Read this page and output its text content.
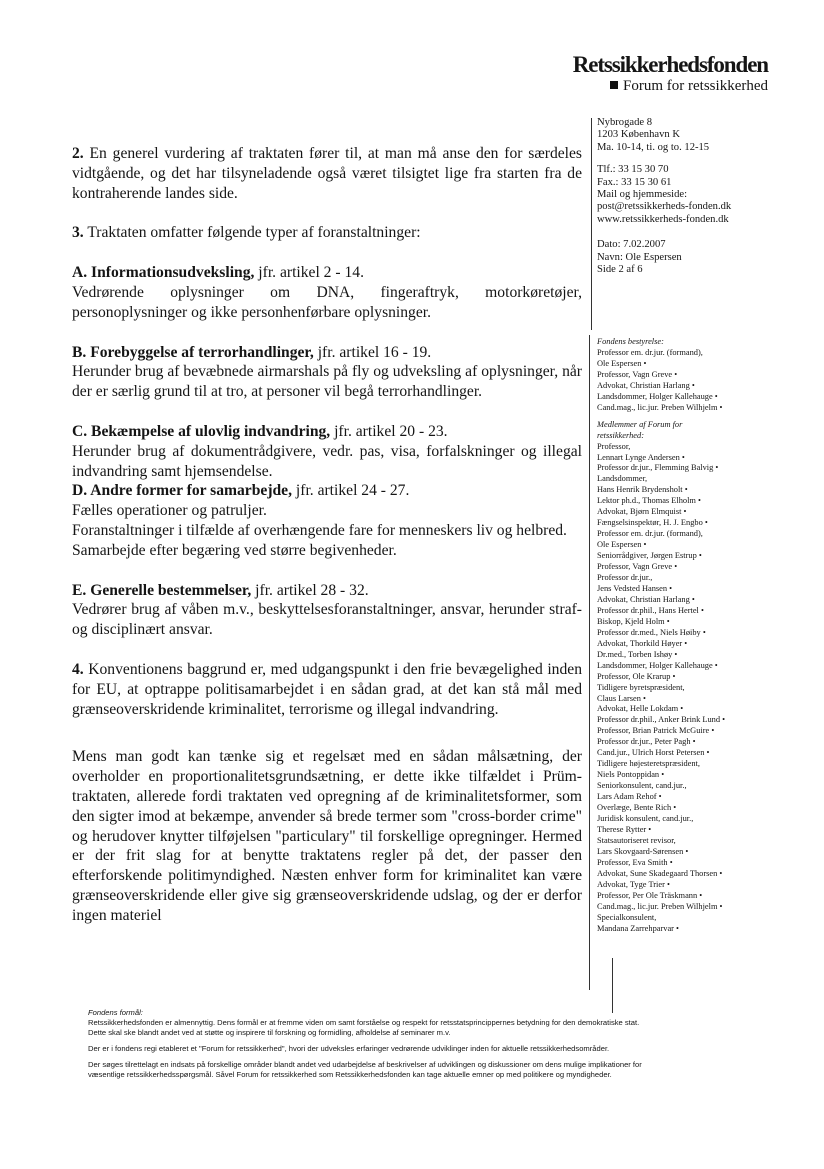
Retssikkerhedsfonden
Forum for retssikkerhed

2. En generel vurdering af traktaten fører til, at man må anse den for særdeles vidtgående, og det har tilsyneladende også været tilsigtet lige fra starten fra de kontraherende landes side.

3. Traktaten omfatter følgende typer af foranstaltninger:

A. Informationsudveksling, jfr. artikel 2 - 14.

Vedrørende oplysninger om DNA, fingeraftryk, motorkøretøjer, personoplysninger og ikke personhenførbare oplysninger.

B. Forebyggelse af terrorhandlinger, jfr. artikel 16 - 19.

Herunder brug af bevæbnede airmarshals på fly og udveksling af oplysninger, når der er særlig grund til at tro, at personer vil begå terrorhandlinger.

C. Bekæmpelse af ulovlig indvandring, jfr. artikel 20 - 23.

Herunder brug af dokumentrådgivere, vedr. pas, visa, forfalskninger og illegal indvandring samt hjemsendelse.

D. Andre former for samarbejde, jfr. artikel 24 - 27.

Fælles operationer og patruljer.

Foranstaltninger i tilfælde af overhængende fare for menneskers liv og helbred.

Samarbejde efter begæring ved større begivenheder.

E. Generelle bestemmelser, jfr. artikel 28 - 32.

Vedrører brug af våben m.v., beskyttelsesforanstaltninger, ansvar, herunder straf- og disciplinært ansvar.

4. Konventionens baggrund er, med udgangspunkt i den frie bevægelighed inden for EU, at optrappe politisamarbejdet i en sådan grad, at det kan stå mål med grænseoverskridende kriminalitet, terrorisme og illegal indvandring.

Mens man godt kan tænke sig et regelsæt med en sådan målsætning, der overholder en proportionalitetsgrundsætning, er dette ikke tilfældet i Prüm-traktaten, allerede fordi traktaten ved opregning af de kriminalitetsformer, som den sigter imod at bekæmpe, anvender så brede termer som "cross-border crime" og herudover knytter tilføjelsen "particulary" til forskellige opregninger. Hermed er der frit slag for at benytte traktatens regler på det, der passer den efterforskende politimyndighed. Næsten enhver form for kriminalitet kan være grænseoverskridende eller give sig grænseoverskridende udslag, og der er derfor ingen materiel

Nybrogade 8
1203 København K
Ma. 10-14, ti. og to. 12-15
Tlf.: 33 15 30 70
Fax.: 33 15 30 61
Mail og hjemmeside:
post@retssikkerheds-fonden.dk
www.retssikkerheds-fonden.dk
Dato: 7.02.2007
Navn: Ole Espersen
Side 2 af 6
Fondens bestyrelse:
Professor em. dr.jur. (formand),
Ole Espersen •
Professor, Vagn Greve •
Advokat, Christian Harlang •
Landsdommer, Holger Kallehauge •
Cand.mag., lic.jur. Preben Wilhjelm •
Medlemmer af Forum for
retssikkerhed:
Professor,
Lennart Lynge Andersen •
Professor dr.jur., Flemming Balvig •
Landsdommer,
Hans Henrik Brydensholt •
Lektor ph.d., Thomas Elholm •
Advokat, Bjørn Elmquist •
Fængselsinspektør, H. J. Engbo •
Professor em. dr.jur. (formand),
Ole Espersen •
Seniorrådgiver, Jørgen Estrup •
Professor, Vagn Greve •
Professor dr.jur.,
Jens Vedsted Hansen •
Advokat, Christian Harlang •
Professor dr.phil., Hans Hertel •
Biskop, Kjeld Holm •
Professor dr.med., Niels Høiby •
Advokat, Thorkild Høyer •
Dr.med., Torben Ishøy •
Landsdommer, Holger Kallehauge •
Professor, Ole Krarup •
Tidligere byretspræsident,
Claus Larsen •
Advokat, Helle Lokdam •
Professor dr.phil., Anker Brink Lund •
Professor, Brian Patrick McGuire •
Professor dr.jur., Peter Pagh •
Cand.jur., Ulrich Horst Petersen •
Tidligere højesteretspræsident,
Niels Pontoppidan •
Seniorkonsulent, cand.jur.,
Lars Adam Rehof •
Overlæge, Bente Rich •
Juridisk konsulent, cand.jur.,
Therese Rytter •
Statsautoriseret revisor,
Lars Skovgaard-Sørensen •
Professor, Eva Smith •
Advokat, Sune Skadegaard Thorsen •
Advokat, Tyge Trier •
Professor, Per Ole Träskmann •
Cand.mag., lic.jur. Preben Wilhjelm •
Specialkonsulent,
Mandana Zarrehparvar •
Fondens formål:
Retssikkerhedsfonden er almennyttig. Dens formål er at fremme viden om samt forståelse og respekt for retsstatsprincippernes betydning for den demokratiske stat.
Dette skal ske blandt andet ved at støtte og inspirere til forskning og formidling, afholdelse af seminarer m.v.
Der er i fondens regi etableret et "Forum for retssikkerhed", hvori der udveksles erfaringer vedrørende udviklinger inden for aktuelle retssikkerhedsområder.
Der søges tilrettelagt en indsats på forskellige områder blandt andet ved udarbejdelse af beskrivelser af udviklingen og diskussioner om dens mulige implikationer for
væsentlige retssikkerhedsspørgsmål. Såvel Forum for retssikkerhed som Retssikkerhedsfonden kan tage aktuelle emner op med politikere og myndigheder.
